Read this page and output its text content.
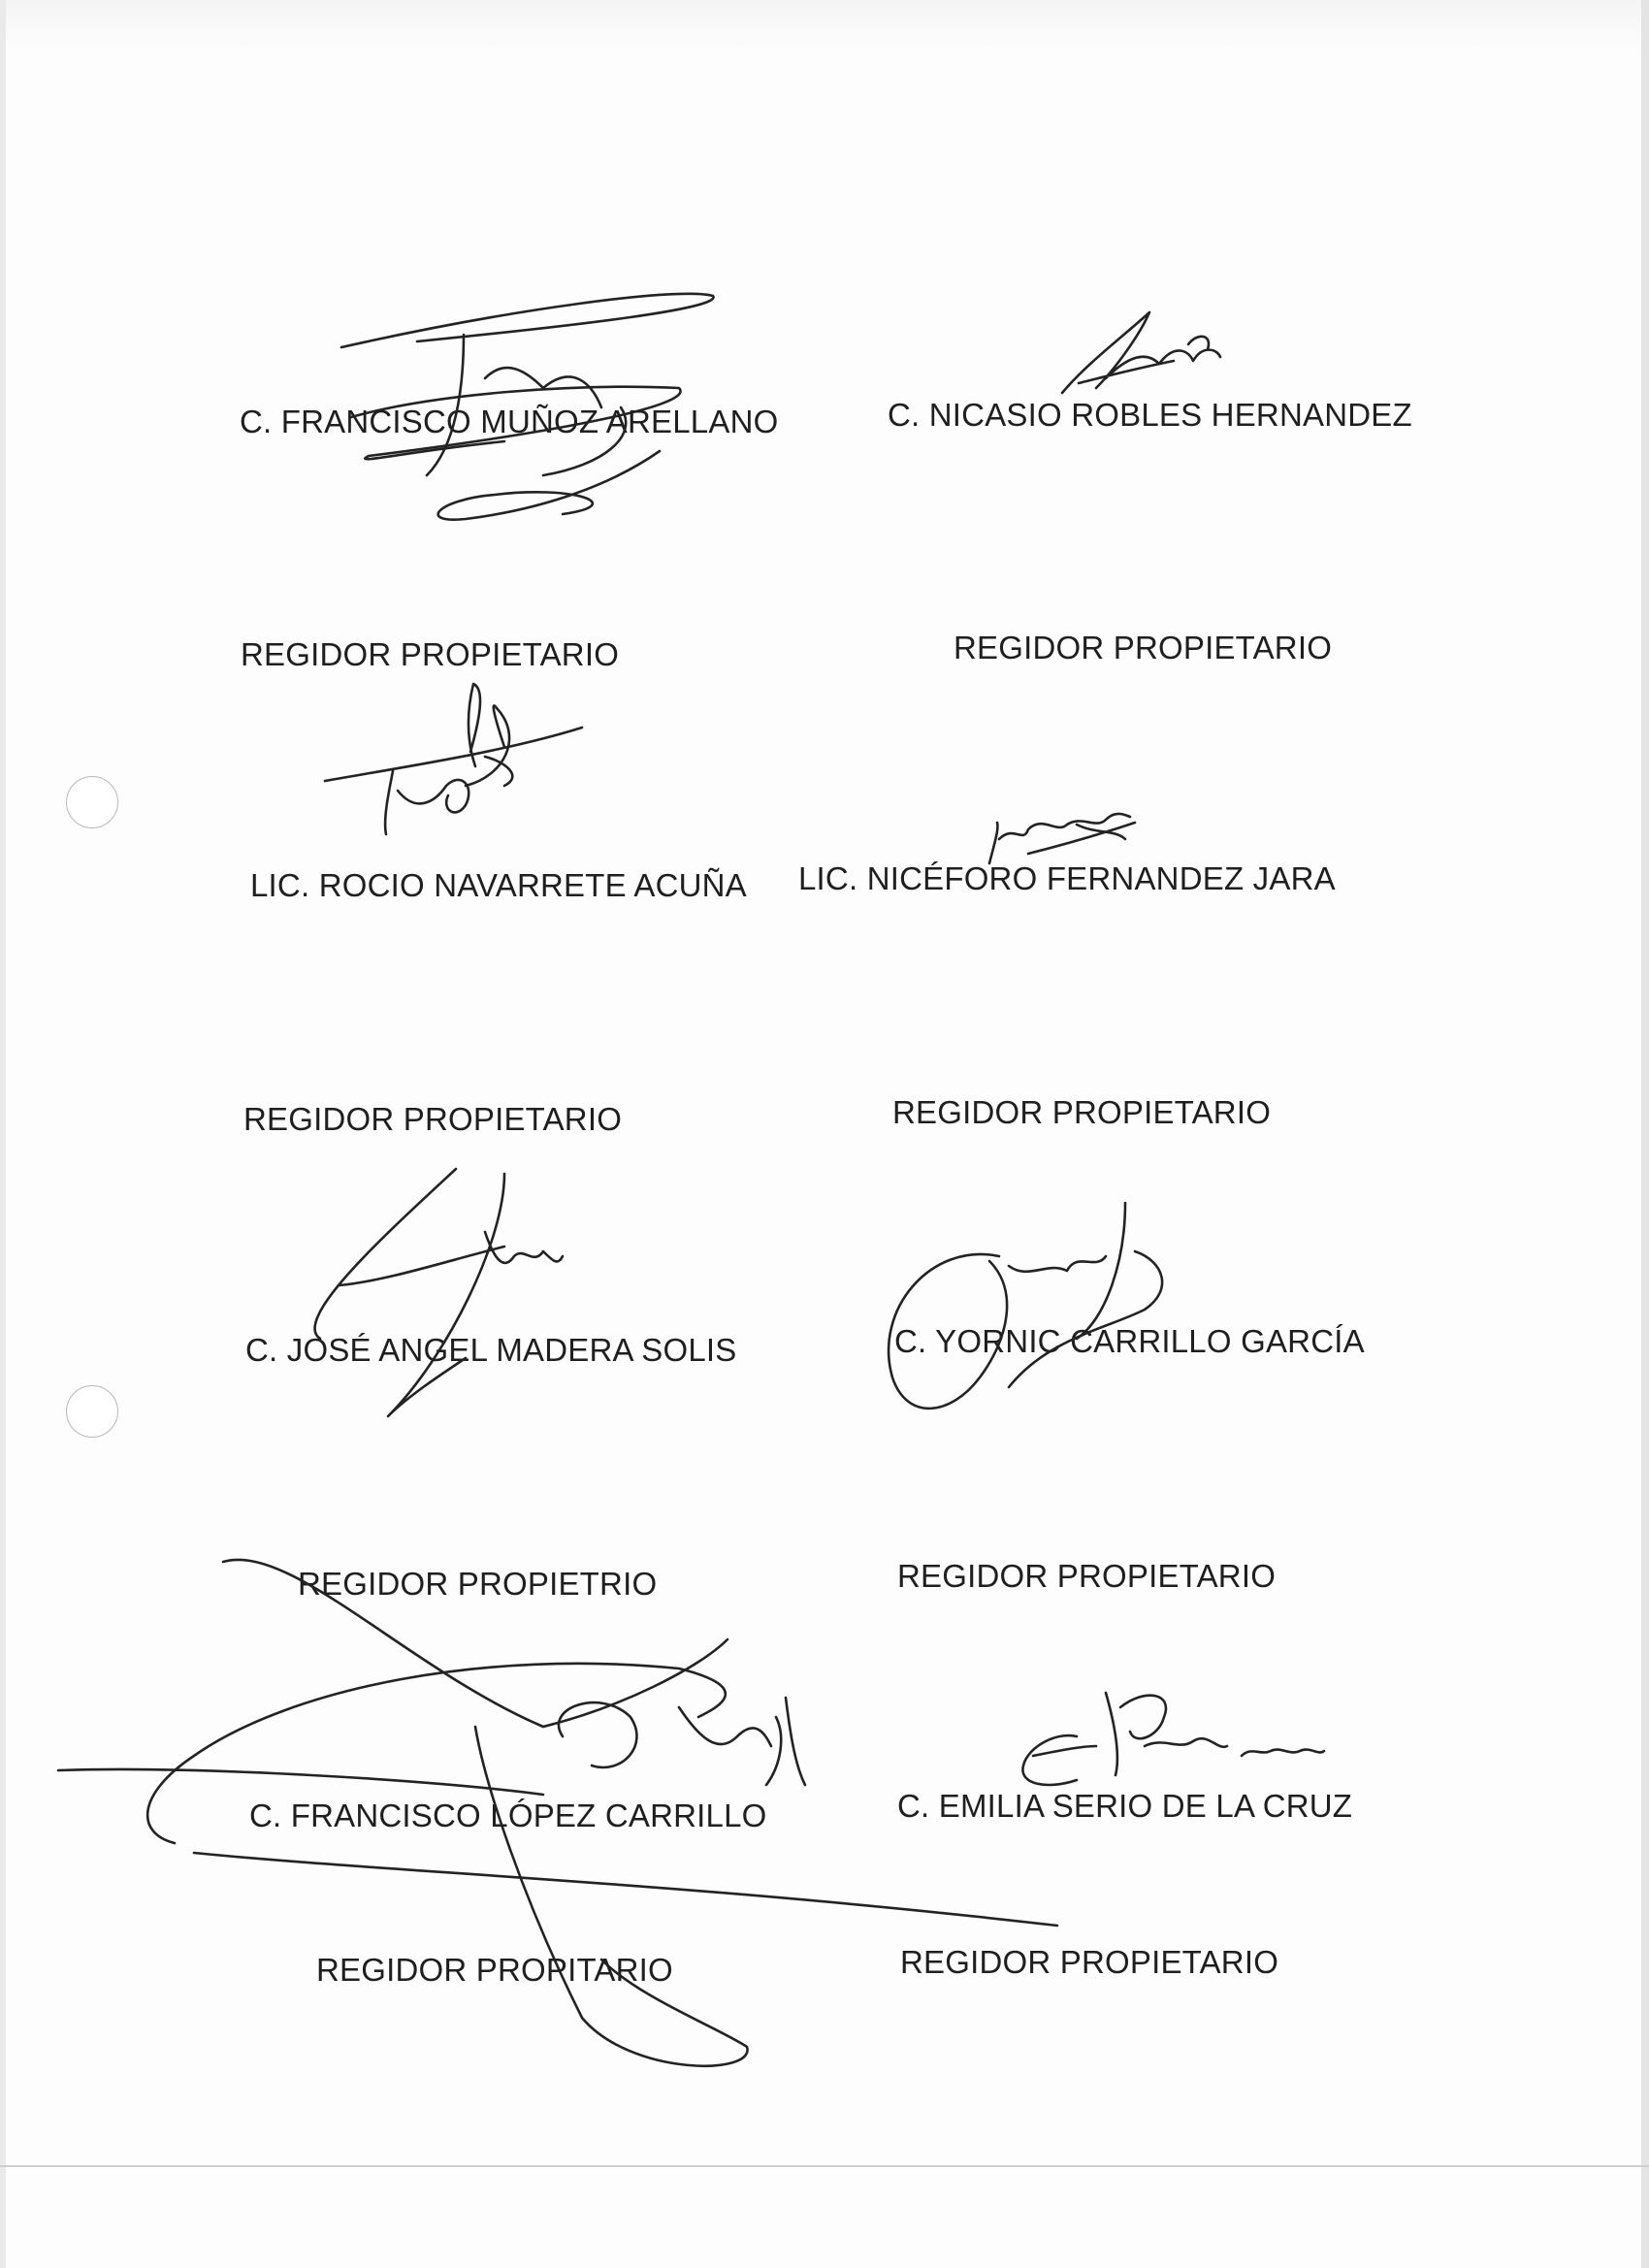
C. FRANCISCO MUÑOZ ARELLANO
REGIDOR PROPIETARIO
LIC. ROCIO NAVARRETE ACUÑA
REGIDOR PROPIETARIO
C. JOSÉ ANGEL MADERA SOLIS
REGIDOR PROPIETRIO
C. FRANCISCO LÓPEZ CARRILLO
REGIDOR PROPITARIO
C. NICASIO ROBLES HERNANDEZ
REGIDOR PROPIETARIO
LIC. NICÉFORO FERNANDEZ JARA
REGIDOR PROPIETARIO
C. YORNIC CARRILLO GARCÍA
REGIDOR PROPIETARIO
C. EMILIA SERIO DE LA CRUZ
REGIDOR PROPIETARIO
